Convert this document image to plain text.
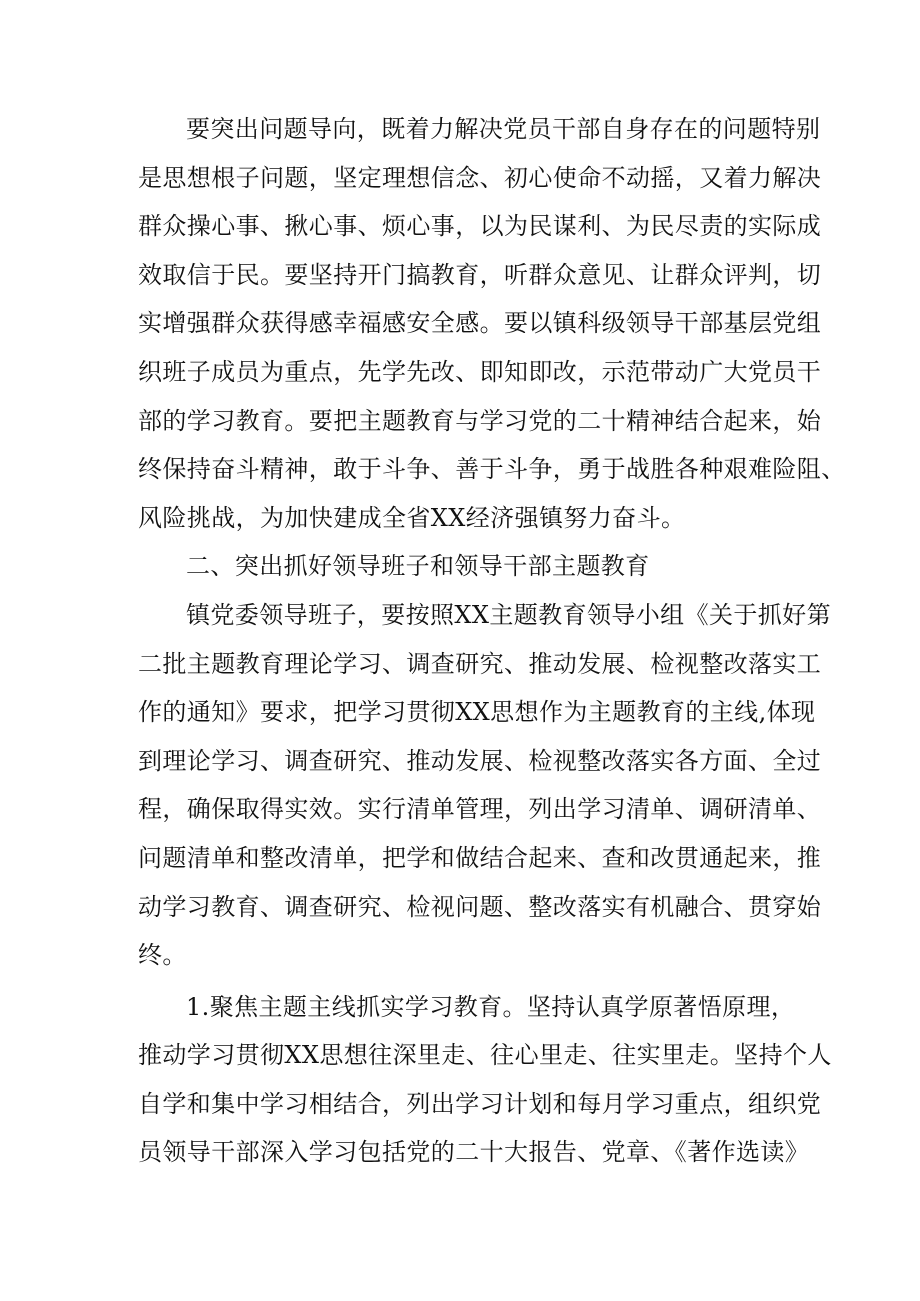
要突出问题导向，既着力解决党员干部自身存在的问题特别
是思想根子问题，坚定理想信念、初心使命不动摇，又着力解决
群众操心事、揪心事、烦心事，以为民谋利、为民尽责的实际成
效取信于民。要坚持开门搞教育，听群众意见、让群众评判，切
实增强群众获得感幸福感安全感。要以镇科级领导干部基层党组
织班子成员为重点，先学先改、即知即改，示范带动广大党员干
部的学习教育。要把主题教育与学习党的二十精神结合起来，始
终保持奋斗精神，敢于斗争、善于斗争，勇于战胜各种艰难险阻、
风险挑战，为加快建成全省XX经济强镇努力奋斗。
二、突出抓好领导班子和领导干部主题教育
镇党委领导班子，要按照XX主题教育领导小组《关于抓好第
二批主题教育理论学习、调查研究、推动发展、检视整改落实工
作的通知》要求，把学习贯彻XX思想作为主题教育的主线,体现
到理论学习、调查研究、推动发展、检视整改落实各方面、全过
程，确保取得实效。实行清单管理，列出学习清单、调研清单、
问题清单和整改清单，把学和做结合起来、查和改贯通起来，推
动学习教育、调查研究、检视问题、整改落实有机融合、贯穿始
终。
1.聚焦主题主线抓实学习教育。坚持认真学原著悟原理，
推动学习贯彻XX思想往深里走、往心里走、往实里走。坚持个人
自学和集中学习相结合，列出学习计划和每月学习重点，组织党
员领导干部深入学习包括党的二十大报告、党章、《著作选读》
